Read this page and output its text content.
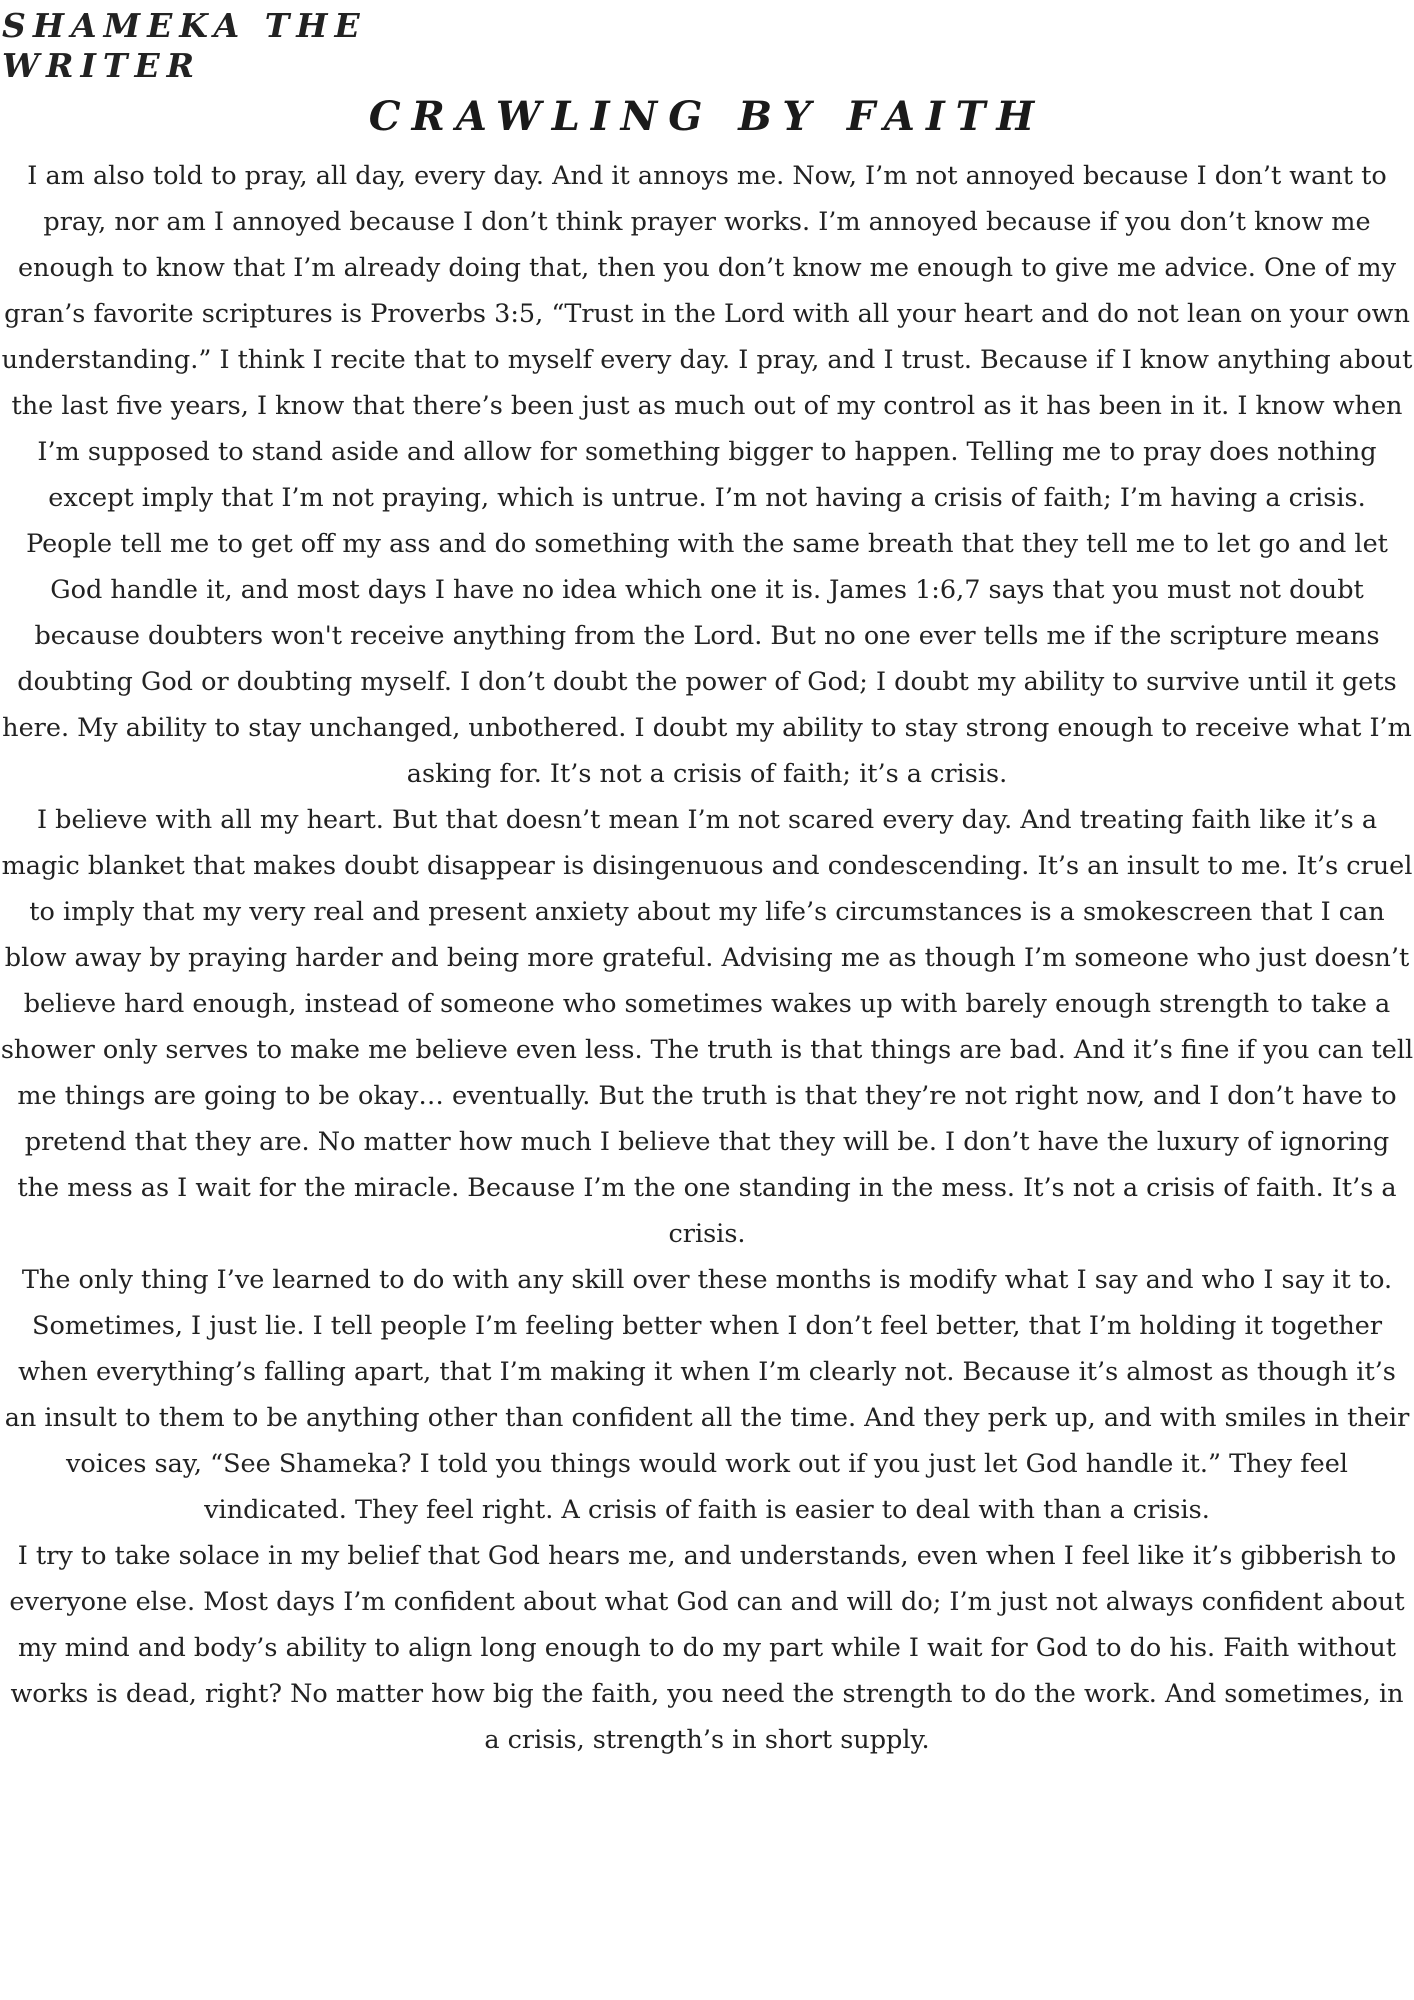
SHAMEKA THE
WRITER
CRAWLING BY FAITH

I am also told to pray, all day, every day. And it annoys me. Now, I’m not annoyed because I don’t want to pray, nor am I annoyed because I don’t think prayer works. I’m annoyed because if you don’t know me enough to know that I’m already doing that, then you don’t know me enough to give me advice. One of my gran’s favorite scriptures is Proverbs 3:5, “Trust in the Lord with all your heart and do not lean on your own understanding.” I think I recite that to myself every day. I pray, and I trust. Because if I know anything about the last five years, I know that there’s been just as much out of my control as it has been in it. I know when I’m supposed to stand aside and allow for something bigger to happen. Telling me to pray does nothing except imply that I’m not praying, which is untrue. I’m not having a crisis of faith; I’m having a crisis.

People tell me to get off my ass and do something with the same breath that they tell me to let go and let God handle it, and most days I have no idea which one it is. James 1:6,7 says that you must not doubt because doubters won't receive anything from the Lord. But no one ever tells me if the scripture means doubting God or doubting myself. I don’t doubt the power of God; I doubt my ability to survive until it gets here. My ability to stay unchanged, unbothered. I doubt my ability to stay strong enough to receive what I’m asking for. It’s not a crisis of faith; it’s a crisis.

I believe with all my heart. But that doesn’t mean I’m not scared every day. And treating faith like it’s a magic blanket that makes doubt disappear is disingenuous and condescending. It’s an insult to me. It’s cruel to imply that my very real and present anxiety about my life’s circumstances is a smokescreen that I can blow away by praying harder and being more grateful. Advising me as though I’m someone who just doesn’t believe hard enough, instead of someone who sometimes wakes up with barely enough strength to take a shower only serves to make me believe even less. The truth is that things are bad. And it’s fine if you can tell me things are going to be okay… eventually. But the truth is that they’re not right now, and I don’t have to pretend that they are. No matter how much I believe that they will be. I don’t have the luxury of ignoring the mess as I wait for the miracle. Because I’m the one standing in the mess. It’s not a crisis of faith. It’s a crisis.

The only thing I’ve learned to do with any skill over these months is modify what I say and who I say it to. Sometimes, I just lie. I tell people I’m feeling better when I don’t feel better, that I’m holding it together when everything’s falling apart, that I’m making it when I’m clearly not. Because it’s almost as though it’s an insult to them to be anything other than confident all the time. And they perk up, and with smiles in their voices say, “See Shameka? I told you things would work out if you just let God handle it.” They feel vindicated. They feel right. A crisis of faith is easier to deal with than a crisis.

I try to take solace in my belief that God hears me, and understands, even when I feel like it’s gibberish to everyone else. Most days I’m confident about what God can and will do; I’m just not always confident about my mind and body’s ability to align long enough to do my part while I wait for God to do his. Faith without works is dead, right? No matter how big the faith, you need the strength to do the work. And sometimes, in a crisis, strength’s in short supply.
